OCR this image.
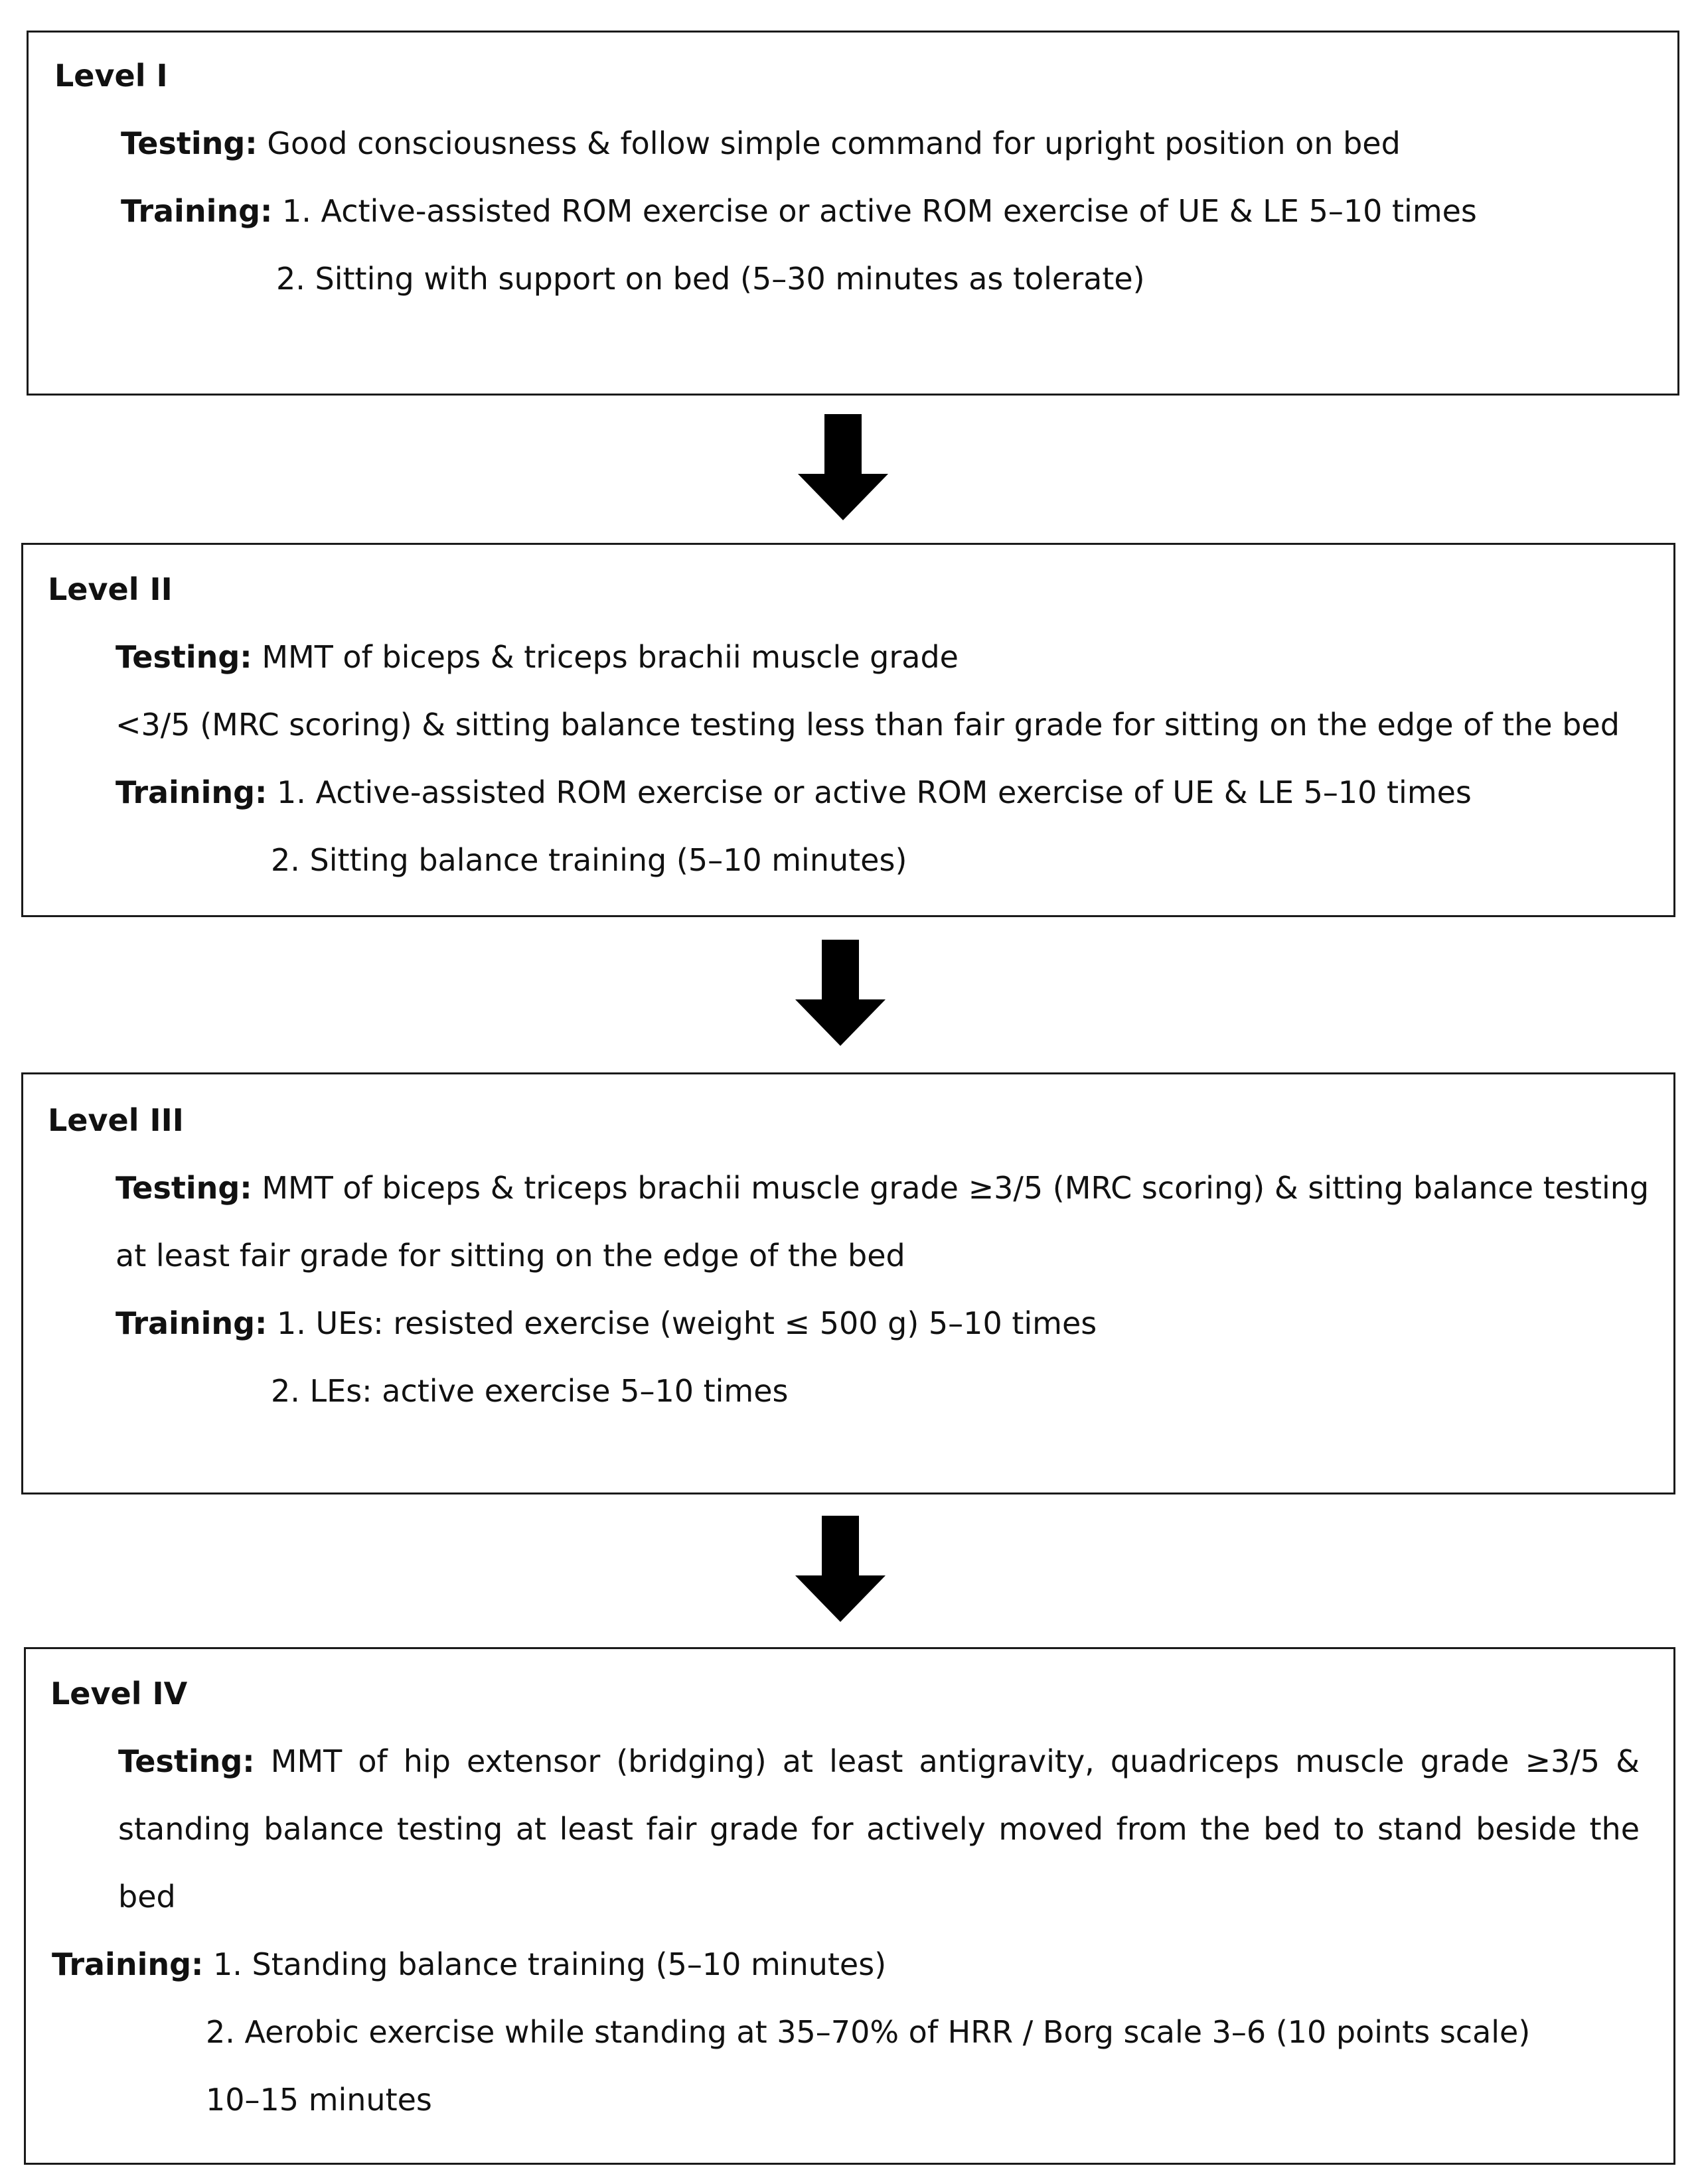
Level I
Testing: Good consciousness & follow simple command for upright position on bed
Training: 1. Active-assisted ROM exercise or active ROM exercise of UE & LE 5–10 times
2. Sitting with support on bed (5–30 minutes as tolerate)
Level II
Testing: MMT of biceps & triceps brachii muscle grade
<3/5 (MRC scoring) & sitting balance testing less than fair grade for sitting on the edge of the bed
Training: 1. Active-assisted ROM exercise or active ROM exercise of UE & LE 5–10 times
2. Sitting balance training (5–10 minutes)
Level III
Testing: MMT of biceps & triceps brachii muscle grade ≥3/5 (MRC scoring) & sitting balance testing
at least fair grade for sitting on the edge of the bed
Training: 1. UEs: resisted exercise (weight ≤ 500 g) 5–10 times
2. LEs: active exercise 5–10 times
Level IV
Testing: MMT of hip extensor (bridging) at least antigravity, quadriceps muscle grade ≥3/5 &
standing balance testing at least fair grade for actively moved from the bed to stand beside the
bed
Training: 1. Standing balance training (5–10 minutes)
2. Aerobic exercise while standing at 35–70% of HRR / Borg scale 3–6 (10 points scale)
10–15 minutes
